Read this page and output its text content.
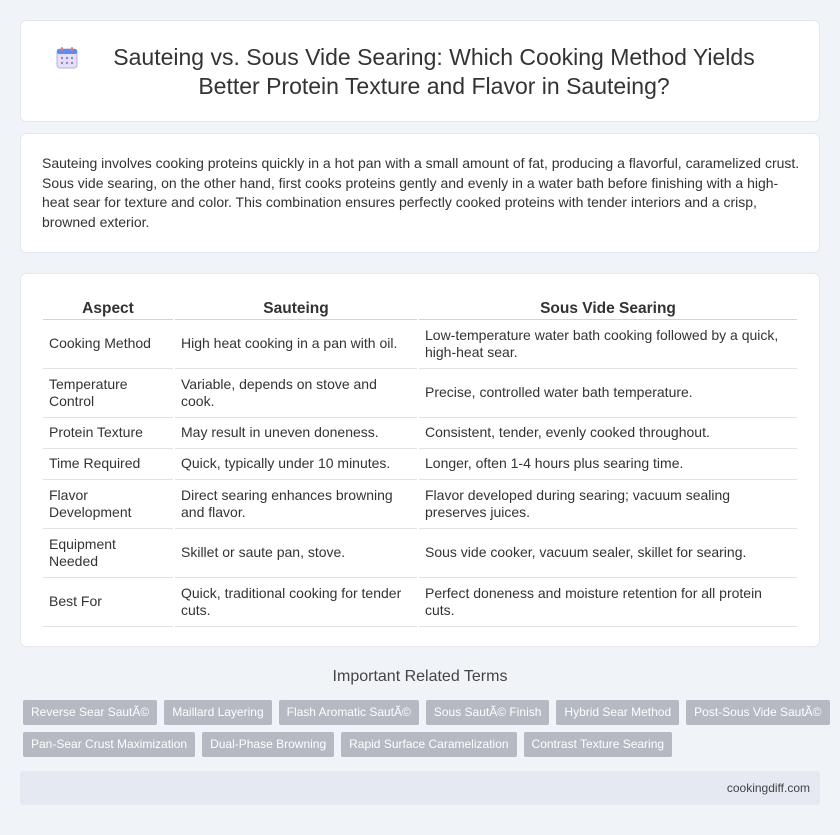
Sauteing vs. Sous Vide Searing: Which Cooking Method Yields Better Protein Texture and Flavor in Sauteing?

Sauteing involves cooking proteins quickly in a hot pan with a small amount of fat, producing a flavorful, caramelized crust. Sous vide searing, on the other hand, first cooks proteins gently and evenly in a water bath before finishing with a high-heat sear for texture and color. This combination ensures perfectly cooked proteins with tender interiors and a crisp, browned exterior.

Aspect	Sauteing	Sous Vide Searing
Cooking Method	High heat cooking in a pan with oil.	Low-temperature water bath cooking followed by a quick, high-heat sear.
Temperature Control	Variable, depends on stove and cook.	Precise, controlled water bath temperature.
Protein Texture	May result in uneven doneness.	Consistent, tender, evenly cooked throughout.
Time Required	Quick, typically under 10 minutes.	Longer, often 1-4 hours plus searing time.
Flavor Development	Direct searing enhances browning and flavor.	Flavor developed during searing; vacuum sealing preserves juices.
Equipment Needed	Skillet or saute pan, stove.	Sous vide cooker, vacuum sealer, skillet for searing.
Best For	Quick, traditional cooking for tender cuts.	Perfect doneness and moisture retention for all protein cuts.
Important Related Terms
Reverse Sear SautÃ©	Maillard Layering	Flash Aromatic SautÃ©	Sous SautÃ© Finish	Hybrid Sear Method	Post-Sous Vide SautÃ©
Pan-Sear Crust Maximization	Dual-Phase Browning	Rapid Surface Caramelization	Contrast Texture Searing
cookingdiff.com
